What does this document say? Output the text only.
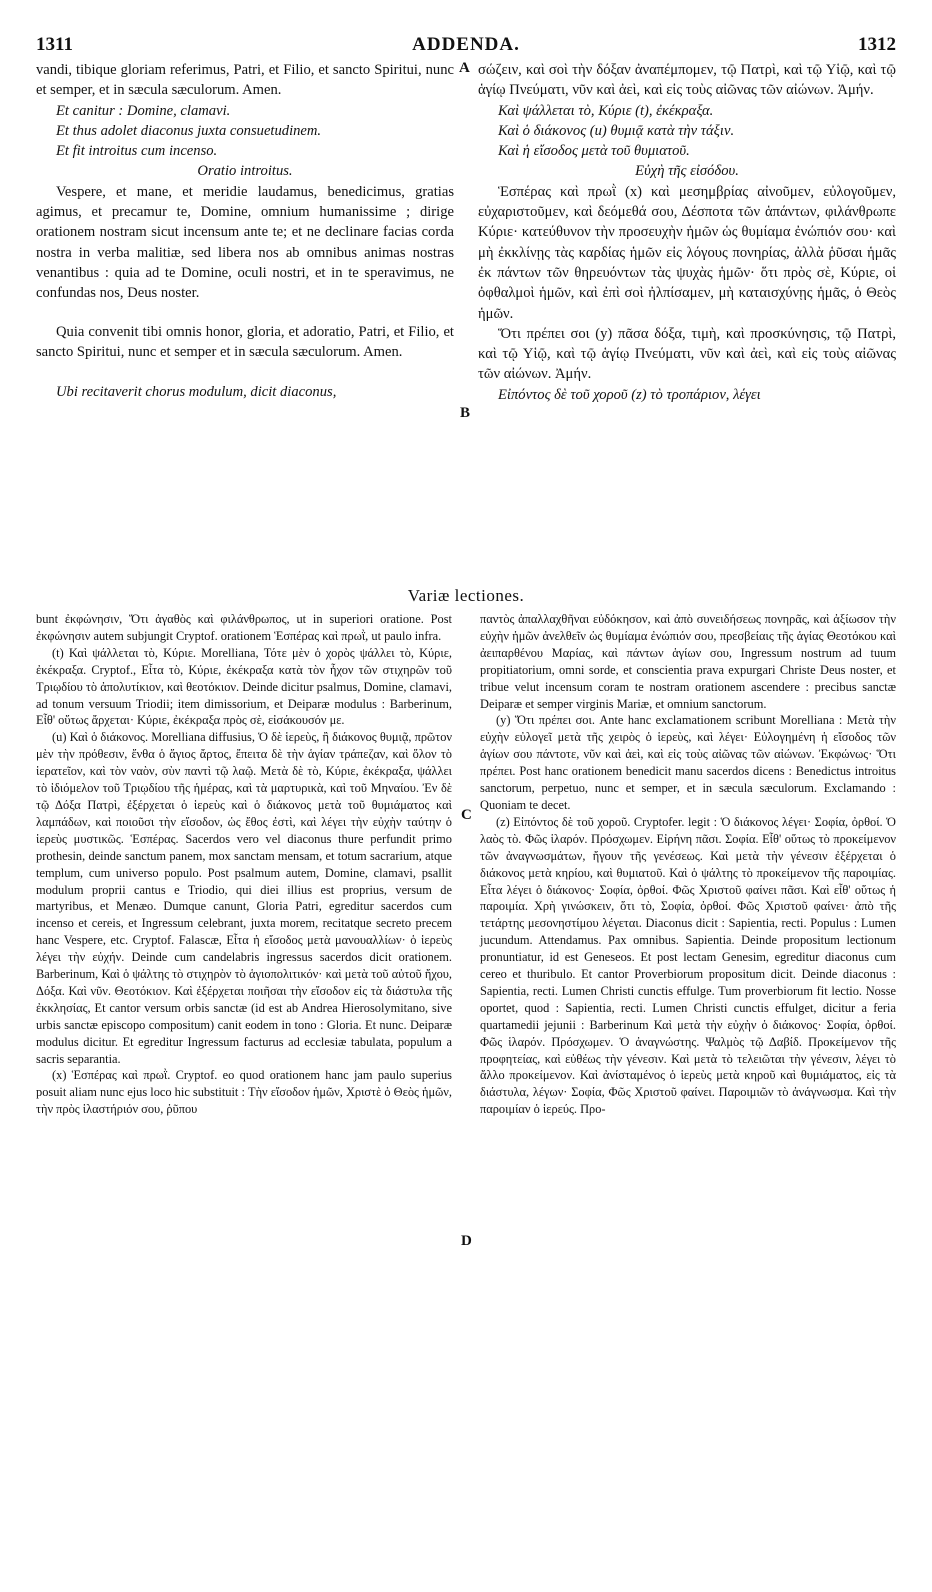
1311	ADDENDA.	1312

vandi, tibique gloriam referimus, Patri, et Filio, et sancto Spiritui, nunc et semper, et in sæcula sæculorum. Amen.

Et canitur : Domine, clamavi.

Et thus adolet diaconus juxta consuetudinem.

Et fit introitus cum incenso.

Oratio introitus.

Vespere, et mane, et meridie laudamus, benedicimus, gratias agimus, et precamur te, Domine, omnium humanissime ; dirige orationem nostram sicut incensum ante te; et ne declinare facias corda nostra in verba malitiæ, sed libera nos ab omnibus animas nostras venantibus : quia ad te Domine, oculi nostri, et in te speravimus, ne confundas nos, Deus noster.

Quia convenit tibi omnis honor, gloria, et adoratio, Patri, et Filio, et sancto Spiritui, nunc et semper et in sæcula sæculorum. Amen.

Ubi recitaverit chorus modulum, dicit diaconus,

A
B

σώζειν, καὶ σοὶ τὴν δόξαν ἀναπέμπομεν, τῷ Πατρὶ, καὶ τῷ Υἱῷ, καὶ τῷ ἁγίῳ Πνεύματι, νῦν καὶ ἀεὶ, καὶ εἰς τοὺς αἰῶνας τῶν αἰώνων. Ἀμήν.

Καὶ ψάλλεται τὸ, Κύριε (t), ἐκέκραξα.

Καὶ ὁ διάκονος (u) θυμιᾷ κατὰ τὴν τάξιν.

Καὶ ἡ εἴσοδος μετὰ τοῦ θυμιατοῦ.

Εὐχὴ τῆς εἰσόδου.

Ἑσπέρας καὶ πρωῒ (x) καὶ μεσημβρίας αἰνοῦμεν, εὐλογοῦμεν, εὐχαριστοῦμεν, καὶ δεόμεθά σου, Δέσποτα τῶν ἁπάντων, φιλάνθρωπε Κύριε· κατεύθυνον τὴν προσευχὴν ἡμῶν ὡς θυμίαμα ἐνώπιόν σου· καὶ μὴ ἐκκλίνῃς τὰς καρδίας ἡμῶν εἰς λόγους πονηρίας, ἀλλὰ ῥῦσαι ἡμᾶς ἐκ πάντων τῶν θηρευόντων τὰς ψυχὰς ἡμῶν· ὅτι πρὸς σὲ, Κύριε, οἱ ὀφθαλμοὶ ἡμῶν, καὶ ἐπὶ σοὶ ἠλπίσαμεν, μὴ καταισχύνῃς ἡμᾶς, ὁ Θεὸς ἡμῶν.

Ὅτι πρέπει σοι (y) πᾶσα δόξα, τιμὴ, καὶ προσκύνησις, τῷ Πατρὶ, καὶ τῷ Υἱῷ, καὶ τῷ ἁγίῳ Πνεύματι, νῦν καὶ ἀεὶ, καὶ εἰς τοὺς αἰῶνας τῶν αἰώνων. Ἀμήν.

Εἰπόντος δὲ τοῦ χοροῦ (z) τὸ τροπάριον, λέγει

Variæ lectiones.

bunt ἐκφώνησιν, Ὅτι ἀγαθὸς καὶ φιλάνθρωπος, ut in superiori oratione. Post ἐκφώνησιν autem subjungit Cryptof. orationem Ἑσπέρας καὶ πρωῒ, ut paulo infra.

(t) Καὶ ψάλλεται τὸ, Κύριε. Morelliana, Τότε μὲν ὁ χορὸς ψάλλει τὸ, Κύριε, ἐκέκραξα. Cryptof., Εἶτα τὸ, Κύριε, ἐκέκραξα κατὰ τὸν ἦχον τῶν στιχηρῶν τοῦ Τριῳδίου τὸ ἀπολυτίκιον, καὶ θεοτόκιον. Deinde dicitur psalmus, Domine, clamavi, ad tonum versuum Triodii; item dimissorium, et Deiparæ modulus : Barberinum, Εἶθ' οὕτως ἄρχεται· Κύριε, ἐκέκραξα πρὸς σὲ, εἰσάκουσόν με.

(u) Καὶ ὁ διάκονος. Morelliana diffusius, Ὁ δὲ ἱερεὺς, ἢ διάκονος θυμιᾷ, πρῶτον μὲν τὴν πρόθεσιν, ἔνθα ὁ ἅγιος ἄρτος, ἔπειτα δὲ τὴν ἁγίαν τράπεζαν, καὶ ὅλον τὸ ἱερατεῖον, καὶ τὸν ναὸν, σὺν παντὶ τῷ λαῷ. Μετὰ δὲ τὸ, Κύριε, ἐκέκραξα, ψάλλει τὸ ἰδιόμελον τοῦ Τριῳδίου τῆς ἡμέρας, καὶ τὰ μαρτυρικὰ, καὶ τοῦ Μηναίου. Ἐν δὲ τῷ Δόξα Πατρὶ, ἐξέρχεται ὁ ἱερεὺς καὶ ὁ διάκονος μετὰ τοῦ θυμιάματος καὶ λαμπάδων, καὶ ποιοῦσι τὴν εἴσοδον, ὡς ἔθος ἐστὶ, καὶ λέγει τὴν εὐχὴν ταύτην ὁ ἱερεὺς μυστικῶς. Ἑσπέρας. Sacerdos vero vel diaconus thure perfundit primo prothesin, deinde sanctum panem, mox sanctam mensam, et totum sacrarium, atque templum, cum universo populo. Post psalmum autem, Domine, clamavi, psallit modulum proprii cantus e Triodio, qui diei illius est proprius, versum de martyribus, et Menæo. Dumque canunt, Gloria Patri, egreditur sacerdos cum incenso et cereis, et Ingressum celebrant, juxta morem, recitatque secreto precem hanc Vespere, etc. Cryptof. Falascæ, Εἶτα ἡ εἴσοδος μετὰ μανουαλλίων· ὁ ἱερεὺς λέγει τὴν εὐχήν. Deinde cum candelabris ingressus sacerdos dicit orationem. Barberinum, Καὶ ὁ ψάλτης τὸ στιχηρὸν τὸ ἁγιοπολιτικόν· καὶ μετὰ τοῦ αὐτοῦ ἤχου, Δόξα. Καὶ νῦν. Θεοτόκιον. Καὶ ἐξέρχεται ποιῆσαι τὴν εἴσοδον εἰς τὰ διάστυλα τῆς ἐκκλησίας, Et cantor versum orbis sanctæ (id est ab Andrea Hierosolymitano, sive urbis sanctæ episcopo compositum) canit eodem in tono : Gloria. Et nunc. Deiparæ modulus dicitur. Et egreditur Ingressum facturus ad ecclesiæ tabulata, populum a sacris separantia.

(x) Ἑσπέρας καὶ πρωῒ. Cryptof. eo quod orationem hanc jam paulo superius posuit aliam nunc ejus loco hic substituit : Τὴν εἴσοδον ἡμῶν, Χριστὲ ὁ Θεὸς ἡμῶν, τὴν πρὸς ἱλαστήριόν σου, ῥῦπου

C
D

παντὸς ἀπαλλαχθῆναι εὐδόκησον, καὶ ἀπὸ συνειδήσεως πονηρᾶς, καὶ ἀξίωσον τὴν εὐχὴν ἡμῶν ἀνελθεῖν ὡς θυμίαμα ἐνώπιόν σου, πρεσβείαις τῆς ἁγίας Θεοτόκου καὶ ἀειπαρθένου Μαρίας, καὶ πάντων ἁγίων σου, Ingressum nostrum ad tuum propitiatorium, omni sorde, et conscientia prava expurgari Christe Deus noster, et tribue velut incensum coram te nostram orationem ascendere : precibus sanctæ Deiparæ et semper virginis Mariæ, et omnium sanctorum.

(y) Ὅτι πρέπει σοι. Ante hanc exclamationem scribunt Morelliana : Μετὰ τὴν εὐχὴν εὐλογεῖ μετὰ τῆς χειρὸς ὁ ἱερεὺς, καὶ λέγει· Εὐλογημένη ἡ εἴσοδος τῶν ἁγίων σου πάντοτε, νῦν καὶ ἀεὶ, καὶ εἰς τοὺς αἰῶνας τῶν αἰώνων. Ἐκφώνως· Ὅτι πρέπει. Post hanc orationem benedicit manu sacerdos dicens : Benedictus introitus sanctorum, perpetuo, nunc et semper, et in sæcula sæculorum. Exclamando : Quoniam te decet.

(z) Εἰπόντος δὲ τοῦ χοροῦ. Cryptofer. legit : Ὁ διάκονος λέγει· Σοφία, ὀρθοί. Ὁ λαὸς τὸ. Φῶς ἱλαρόν. Πρόσχωμεν. Εἰρήνη πᾶσι. Σοφία. Εἶθ' οὕτως τὸ προκείμενον τῶν ἀναγνωσμάτων, ἤγουν τῆς γενέσεως. Καὶ μετὰ τὴν γένεσιν ἐξέρχεται ὁ διάκονος μετὰ κηρίου, καὶ θυμιατοῦ. Καὶ ὁ ψάλτης τὸ προκείμενον τῆς παροιμίας. Εἶτα λέγει ὁ διάκονος· Σοφία, ὀρθοί. Φῶς Χριστοῦ φαίνει πᾶσι. Καὶ εἶθ' οὕτως ἡ παροιμία. Χρὴ γινώσκειν, ὅτι τὸ, Σοφία, ὀρθοί. Φῶς Χριστοῦ φαίνει· ἀπὸ τῆς τετάρτης μεσονηστίμου λέγεται. Diaconus dicit : Sapientia, recti. Populus : Lumen jucundum. Attendamus. Pax omnibus. Sapientia. Deinde propositum lectionum pronuntiatur, id est Geneseos. Et post lectam Genesim, egreditur diaconus cum cereo et thuribulo. Et cantor Proverbiorum propositum dicit. Deinde diaconus : Sapientia, recti. Lumen Christi cunctis effulge. Tum proverbiorum fit lectio. Nosse oportet, quod : Sapientia, recti. Lumen Christi cunctis effulget, dicitur a feria quartamedii jejunii : Barberinum Καὶ μετὰ τὴν εὐχὴν ὁ διάκονος· Σοφία, ὀρθοί. Φῶς ἱλαρόν. Πρόσχωμεν. Ὁ ἀναγνώστης. Ψαλμὸς τῷ Δαβίδ. Προκείμενον τῆς προφητείας, καὶ εὐθέως τὴν γένεσιν. Καὶ μετὰ τὸ τελειῶται τὴν γένεσιν, λέγει τὸ ἄλλο προκείμενον. Καὶ ἀνίσταμένος ὁ ἱερεὺς μετὰ κηροῦ καὶ θυμιάματος, εἰς τὰ διάστυλα, λέγων· Σοφία, Φῶς Χριστοῦ φαίνει. Παροιμιῶν τὸ ἀνάγνωσμα. Καὶ τὴν παροιμίαν ὁ ἱερεύς. Προ-
